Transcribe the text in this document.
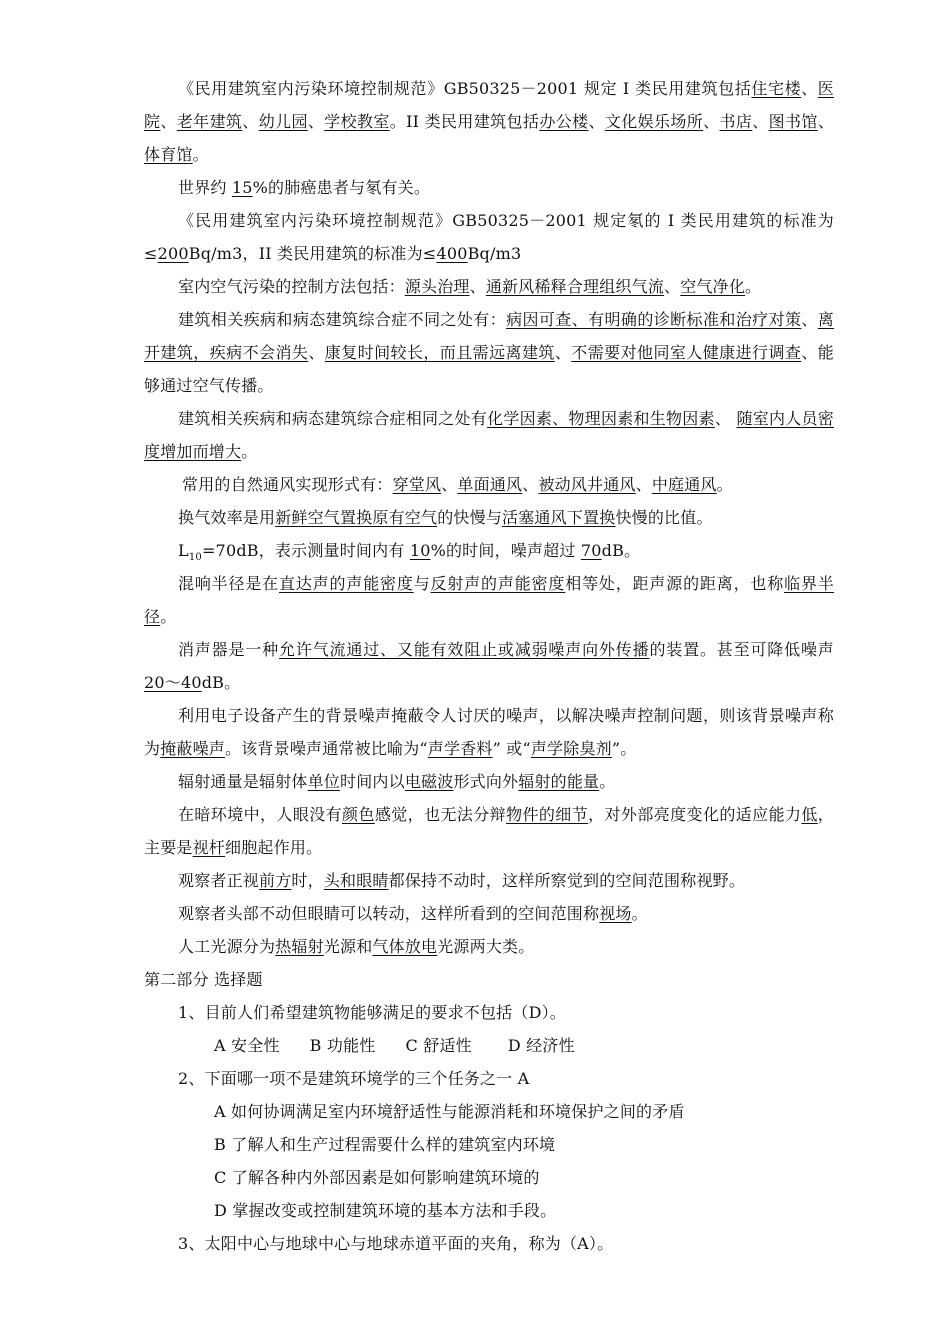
《民用建筑室内污染环境控制规范》GB50325－2001 规定 I 类民用建筑包括住宅楼、医院、老年建筑、幼儿园、学校教室。II 类民用建筑包括办公楼、文化娱乐场所、书店、图书馆、体育馆。

世界约 15%的肺癌患者与氡有关。

《民用建筑室内污染环境控制规范》GB50325－2001 规定氡的 I 类民用建筑的标准为≤200Bq/m3，II 类民用建筑的标准为≤400Bq/m3

室内空气污染的控制方法包括：源头治理、通新风稀释合理组织气流、空气净化。

建筑相关疾病和病态建筑综合症不同之处有：病因可查、有明确的诊断标准和治疗对策、离开建筑，疾病不会消失、康复时间较长，而且需远离建筑、不需要对他同室人健康进行调查、能够通过空气传播。

建筑相关疾病和病态建筑综合症相同之处有化学因素、物理因素和生物因素、 随室内人员密度增加而增大。

常用的自然通风实现形式有：穿堂风、单面通风、被动风井通风、中庭通风。

换气效率是用新鲜空气置换原有空气的快慢与活塞通风下置换快慢的比值。

$L_{10}=70dB$，表示测量时间内有 10%的时间，噪声超过 70dB。

混响半径是在直达声的声能密度与反射声的声能密度相等处，距声源的距离，也称临界半径。

消声器是一种允许气流通过、又能有效阻止或减弱噪声向外传播的装置。甚至可降低噪声 20～40dB。

利用电子设备产生的背景噪声掩蔽令人讨厌的噪声，以解决噪声控制问题，则该背景噪声称为掩蔽噪声。该背景噪声通常被比喻为“声学香料” 或“声学除臭剂”。

辐射通量是辐射体单位时间内以电磁波形式向外辐射的能量。

在暗环境中，人眼没有颜色感觉，也无法分辩物件的细节，对外部亮度变化的适应能力低，主要是视杆细胞起作用。

观察者正视前方时，头和眼睛都保持不动时，这样所察觉到的空间范围称视野。

观察者头部不动但眼睛可以转动，这样所看到的空间范围称视场。

人工光源分为热辐射光源和气体放电光源两大类。

第二部分 选择题

1、目前人们希望建筑物能够满足的要求不包括（D）。

A 安全性 B 功能性 C 舒适性 D 经济性

2、下面哪一项不是建筑环境学的三个任务之一 A

A 如何协调满足室内环境舒适性与能源消耗和环境保护之间的矛盾

B 了解人和生产过程需要什么样的建筑室内环境

C 了解各种内外部因素是如何影响建筑环境的

D 掌握改变或控制建筑环境的基本方法和手段。

3、太阳中心与地球中心与地球赤道平面的夹角，称为（A）。
